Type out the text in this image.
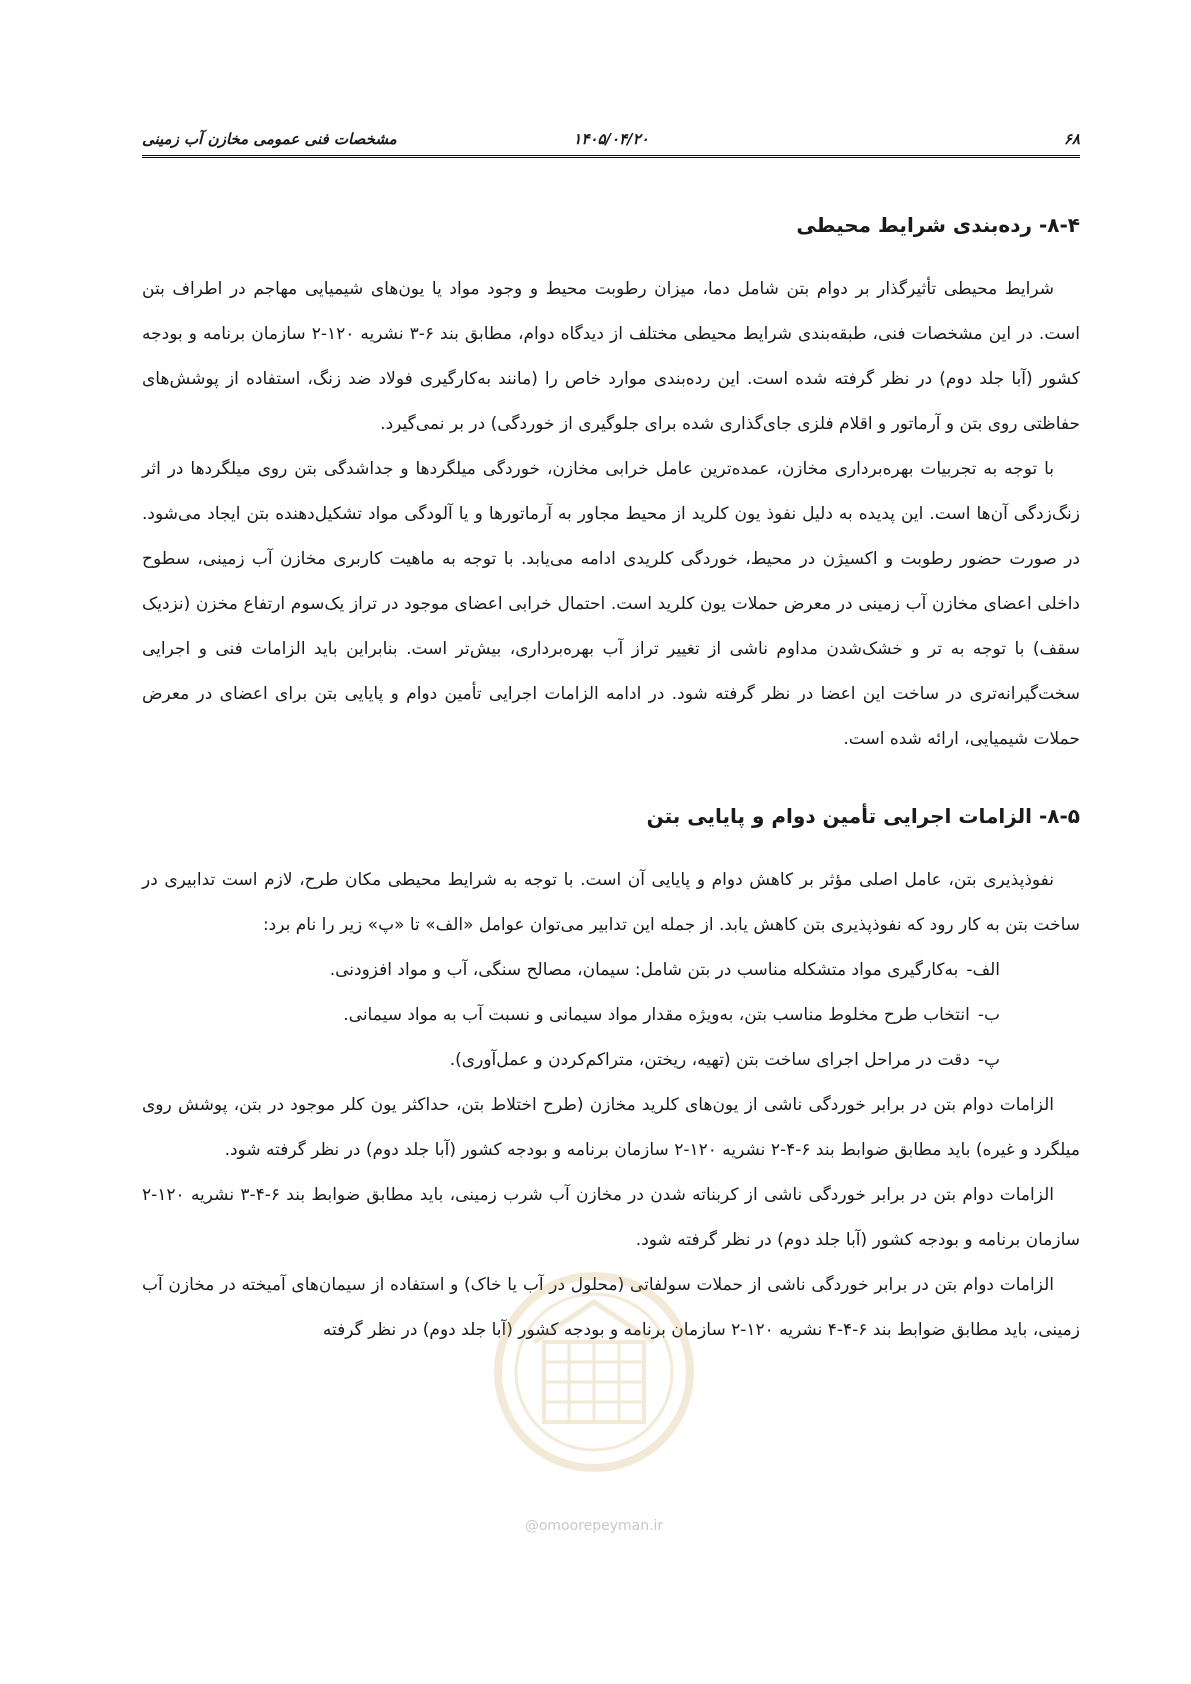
۶۸
۱۴۰۵/۰۴/۲۰
مشخصات فنی عمومی مخازن آب زمینی
۸-۴- رده‌بندی شرایط محیطی

شرایط محیطی تأثیرگذار بر دوام بتن شامل دما، میزان رطوبت محیط و وجود مواد یا یون‌های شیمیایی مهاجم در اطراف بتن است. در این مشخصات فنی، طبقه‌بندی شرایط محیطی مختلف از دیدگاه دوام، مطابق بند ۶-۳ نشریه ۱۲۰-۲ سازمان برنامه و بودجه کشور (آبا جلد دوم) در نظر گرفته شده است. این رده‌بندی موارد خاص را (مانند به‌کارگیری فولاد ضد زنگ، استفاده از پوشش‌های حفاظتی روی بتن و آرماتور و اقلام فلزی جای‌گذاری شده برای جلوگیری از خوردگی) در بر نمی‌گیرد.

با توجه به تجربیات بهره‌برداری مخازن، عمده‌ترین عامل خرابی مخازن، خوردگی میلگردها و جداشدگی بتن روی میلگردها در اثر زنگ‌زدگی آن‌ها است. این پدیده به دلیل نفوذ یون کلرید از محیط مجاور به آرماتورها و یا آلودگی مواد تشکیل‌دهنده بتن ایجاد می‌شود. در صورت حضور رطوبت و اکسیژن در محیط، خوردگی کلریدی ادامه می‌یابد. با توجه به ماهیت کاربری مخازن آب زمینی، سطوح داخلی اعضای مخازن آب زمینی در معرض حملات یون کلرید است. احتمال خرابی اعضای موجود در تراز یک‌سوم ارتفاع مخزن (نزدیک سقف) با توجه به تر و خشک‌شدن مداوم ناشی از تغییر تراز آب بهره‌برداری، بیش‌تر است. بنابراین باید الزامات فنی و اجرایی سخت‌گیرانه‌تری در ساخت این اعضا در نظر گرفته شود. در ادامه الزامات اجرایی تأمین دوام و پایایی بتن برای اعضای در معرض حملات شیمیایی، ارائه شده است.

۸-۵- الزامات اجرایی تأمین دوام و پایایی بتن

نفوذپذیری بتن، عامل اصلی مؤثر بر کاهش دوام و پایایی آن است. با توجه به شرایط محیطی مکان طرح، لازم است تدابیری در ساخت بتن به کار رود که نفوذپذیری بتن کاهش یابد. از جمله این تدابیر می‌توان عوامل «الف» تا «پ» زیر را نام برد:

الف-به‌کارگیری مواد متشکله مناسب در بتن شامل: سیمان، مصالح سنگی، آب و مواد افزودنی.
ب-انتخاب طرح مخلوط مناسب بتن، به‌ویژه مقدار مواد سیمانی و نسبت آب به مواد سیمانی.
پ-دقت در مراحل اجرای ساخت بتن (تهیه، ریختن، متراکم‌کردن و عمل‌آوری).

الزامات دوام بتن در برابر خوردگی ناشی از یون‌های کلرید مخازن (طرح اختلاط بتن، حداکثر یون کلر موجود در بتن، پوشش روی میلگرد و غیره) باید مطابق ضوابط بند ۶-۴-۲ نشریه ۱۲۰-۲ سازمان برنامه و بودجه کشور (آبا جلد دوم) در نظر گرفته شود.

الزامات دوام بتن در برابر خوردگی ناشی از کربناته شدن در مخازن آب شرب زمینی، باید مطابق ضوابط بند ۶-۴-۳ نشریه ۱۲۰-۲ سازمان برنامه و بودجه کشور (آبا جلد دوم) در نظر گرفته شود.

الزامات دوام بتن در برابر خوردگی ناشی از حملات سولفاتی (محلول در آب یا خاک) و استفاده از سیمان‌های آمیخته در مخازن آب زمینی، باید مطابق ضوابط بند ۶-۴-۴ نشریه ۱۲۰-۲ سازمان برنامه و بودجه کشور (آبا جلد دوم) در نظر گرفته

@omoorepeyman.ir
